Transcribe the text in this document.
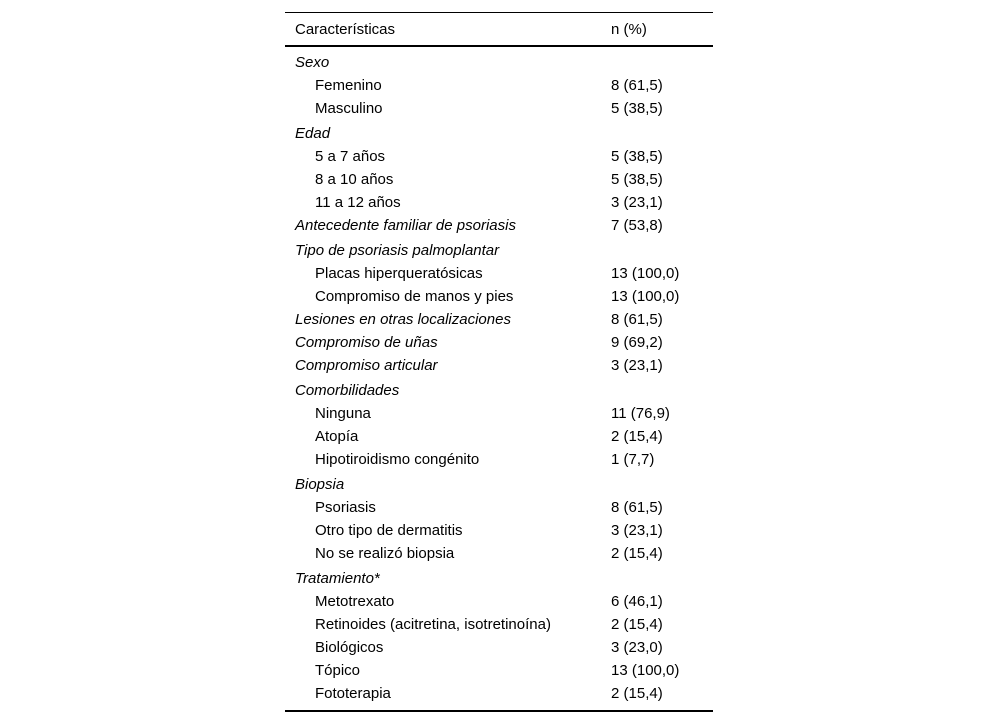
Características	n (%)
Sexo
Femenino	8 (61,5)
Masculino	5 (38,5)
Edad
5 a 7 años	5 (38,5)
8 a 10 años	5 (38,5)
11 a 12 años	3 (23,1)
Antecedente familiar de psoriasis	7 (53,8)
Tipo de psoriasis palmoplantar
Placas hiperqueratósicas	13 (100,0)
Compromiso de manos y pies	13 (100,0)
Lesiones en otras localizaciones	8 (61,5)
Compromiso de uñas	9 (69,2)
Compromiso articular	3 (23,1)
Comorbilidades
Ninguna	11 (76,9)
Atopía	2 (15,4)
Hipotiroidismo congénito	1 (7,7)
Biopsia
Psoriasis	8 (61,5)
Otro tipo de dermatitis	3 (23,1)
No se realizó biopsia	2 (15,4)
Tratamiento*
Metotrexato	6 (46,1)
Retinoides (acitretina, isotretinoína)	2 (15,4)
Biológicos	3 (23,0)
Tópico	13 (100,0)
Fototerapia	2 (15,4)
